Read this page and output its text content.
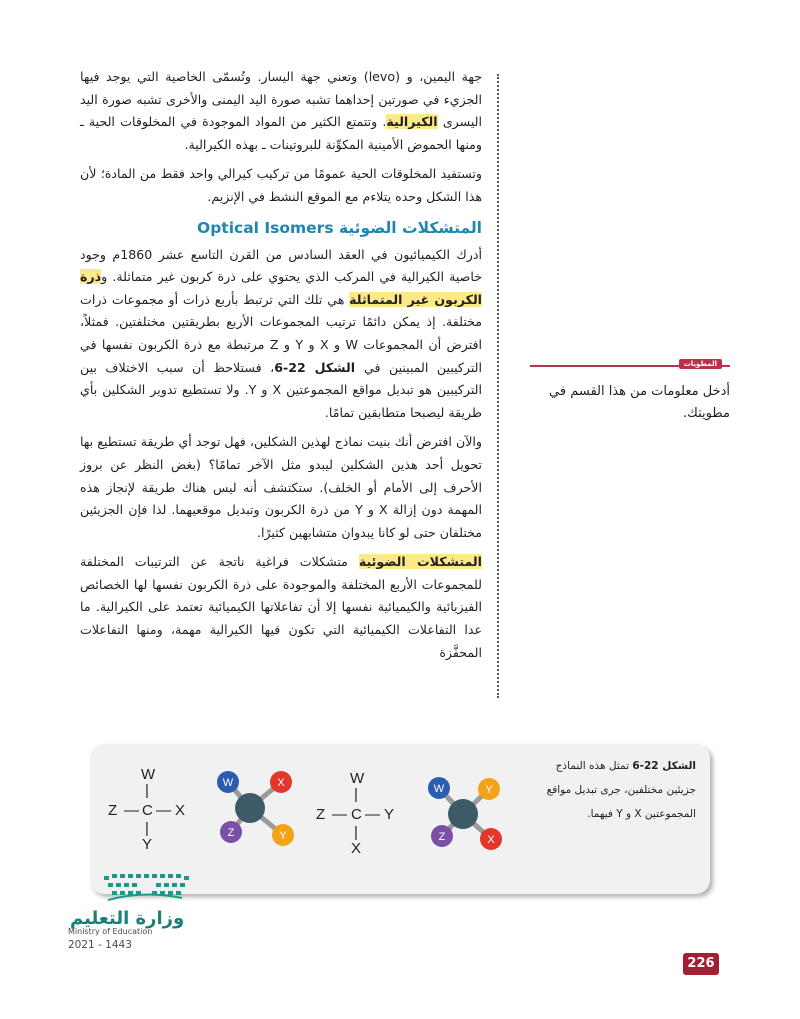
جهة اليمين، و (levo) وتعني جهة اليسار. وتُسمّى الخاصية التي يوجد فيها الجزيء في صورتين إحداهما تشبه صورة اليد اليمنى والأخرى تشبه صورة اليد اليسرى الكيرالية. وتتمتع الكثير من المواد الموجودة في المخلوقات الحية ـ ومنها الحموض الأمينية المكوِّنة للبروتينات ـ بهذه الكيرالية.

وتستفيد المخلوقات الحية عمومًا من تركيب كيرالي واحد فقط من المادة؛ لأن هذا الشكل وحده يتلاءم مع الموقع النشط في الإنزيم.

المتشكلات الضوئية Optical Isomers

أدرك الكيميائيون في العقد السادس من القرن التاسع عشر 1860م وجود خاصية الكيرالية في المركب الذي يحتوي على ذرة كربون غير متماثلة. وذرة الكربون غير المتماثلة هي تلك التي ترتبط بأربع ذرات أو مجموعات ذرات مختلفة. إذ يمكن دائمًا ترتيب المجموعات الأربع بطريقتين مختلفتين. فمثلاً، افترض أن المجموعات W و X و Y و Z مرتبطة مع ذرة الكربون نفسها في التركيبين المبينين في الشكل 22-6، فستلاحظ أن سبب الاختلاف بين التركيبين هو تبديل مواقع المجموعتين X و Y. ولا تستطيع تدوير الشكلين بأي طريقة ليصبحا متطابقين تمامًا.

والآن افترض أنك بنيت نماذج لهذين الشكلين، فهل توجد أي طريقة تستطيع بها تحويل أحد هذين الشكلين ليبدو مثل الآخر تمامًا؟ (بغض النظر عن بروز الأحرف إلى الأمام أو الخلف). ستكتشف أنه ليس هناك طريقة لإنجاز هذه المهمة دون إزالة X و Y من ذرة الكربون وتبديل موقعيهما. لذا فإن الجزيئين مختلفان حتى لو كانا يبدوان متشابهين كثيرًا.

المتشكلات الضوئية متشكلات فراغية ناتجة عن الترتيبات المختلفة للمجموعات الأربع المختلفة والموجودة على ذرة الكربون نفسها لها الخصائص الفيزيائية والكيميائية نفسها إلا أن تفاعلاتها الكيميائية تعتمد على الكيرالية. ما عدا التفاعلات الكيميائية التي تكون فيها الكيرالية مهمة، ومنها التفاعلات المحفَّزة

المطويات
أدخل معلومات من هذا القسم في مطويتك.
الشكل 22-6 تمثل هذه النماذج جزيئين مختلفين، جرى تبديل مواقع المجموعتين X و Y فيهما.
W
|
Z — C — X
|
Y
W
|
Z — C — Y
|
X
W	X
Z	Y
W	Y
Z	X
وزارة التعليم
Ministry of Education
2021 - 1443
226
